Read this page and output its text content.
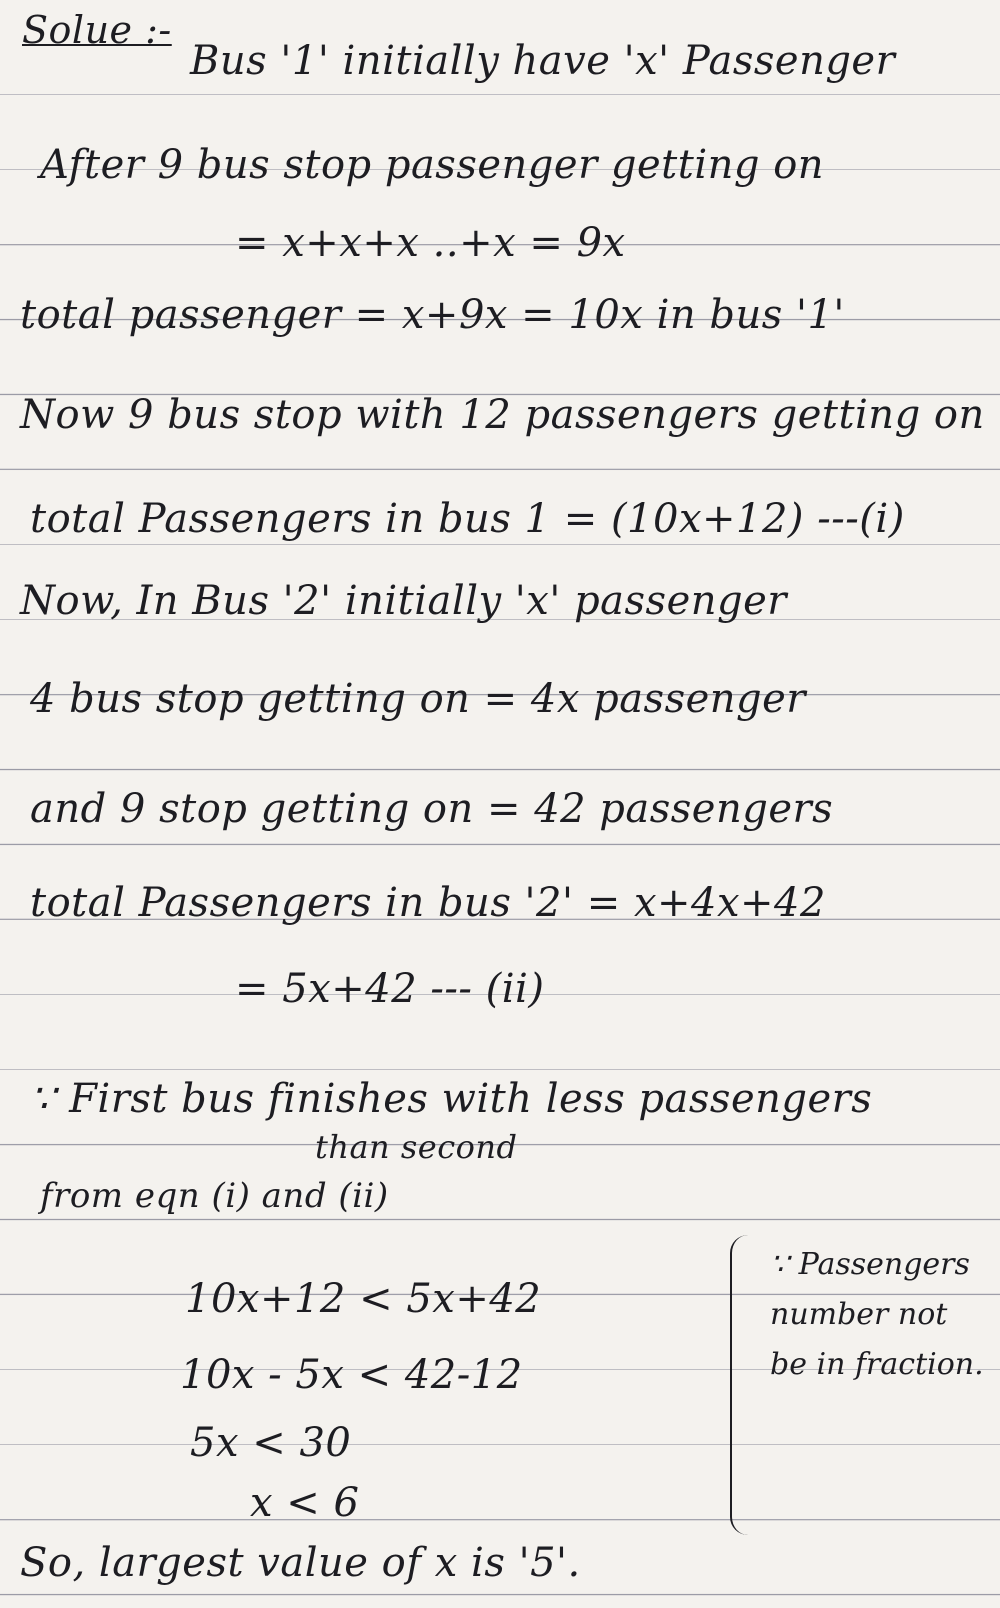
Solue :-
Bus '1' initially have 'x' Passenger
After 9 bus stop passenger getting on
= x+x+x ..+x = 9x
total passenger = x+9x = 10x in bus '1'
Now 9 bus stop with 12 passengers getting on
total Passengers in bus 1 = (10x+12) ---(i)
Now, In Bus '2' initially 'x' passenger
4 bus stop getting on = 4x passenger
and 9 stop getting on = 42 passengers
total Passengers in bus '2' = x+4x+42
= 5x+42 --- (ii)
∵ First bus finishes with less passengers
than second
from eqn (i) and (ii)
10x+12 < 5x+42
10x - 5x < 42-12
5x < 30
x < 6
So, largest value of x is '5'.
∵ Passengers number not be in fraction.
